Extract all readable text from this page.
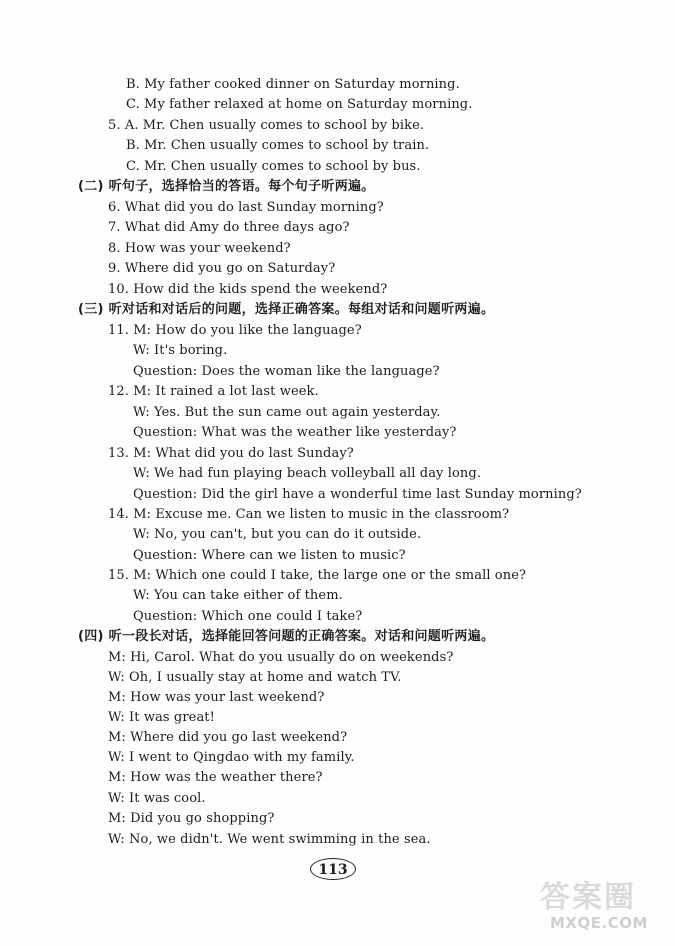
B. My father cooked dinner on Saturday morning.
C. My father relaxed at home on Saturday morning.
5. A. Mr. Chen usually comes to school by bike.
B. Mr. Chen usually comes to school by train.
C. Mr. Chen usually comes to school by bus.
(二) 听句子，选择恰当的答语。每个句子听两遍。
6. What did you do last Sunday morning?
7. What did Amy do three days ago?
8. How was your weekend?
9. Where did you go on Saturday?
10. How did the kids spend the weekend?
(三) 听对话和对话后的问题，选择正确答案。每组对话和问题听两遍。
11. M: How do you like the language?
W: It's boring.
Question: Does the woman like the language?
12. M: It rained a lot last week.
W: Yes. But the sun came out again yesterday.
Question: What was the weather like yesterday?
13. M: What did you do last Sunday?
W: We had fun playing beach volleyball all day long.
Question: Did the girl have a wonderful time last Sunday morning?
14. M: Excuse me. Can we listen to music in the classroom?
W: No, you can't, but you can do it outside.
Question: Where can we listen to music?
15. M: Which one could I take, the large one or the small one?
W: You can take either of them.
Question: Which one could I take?
(四) 听一段长对话，选择能回答问题的正确答案。对话和问题听两遍。
M: Hi, Carol. What do you usually do on weekends?
W: Oh, I usually stay at home and watch TV.
M: How was your last weekend?
W: It was great!
M: Where did you go last weekend?
W: I went to Qingdao with my family.
M: How was the weather there?
W: It was cool.
M: Did you go shopping?
W: No, we didn't. We went swimming in the sea.
113
答案圈
MXQE.COM
